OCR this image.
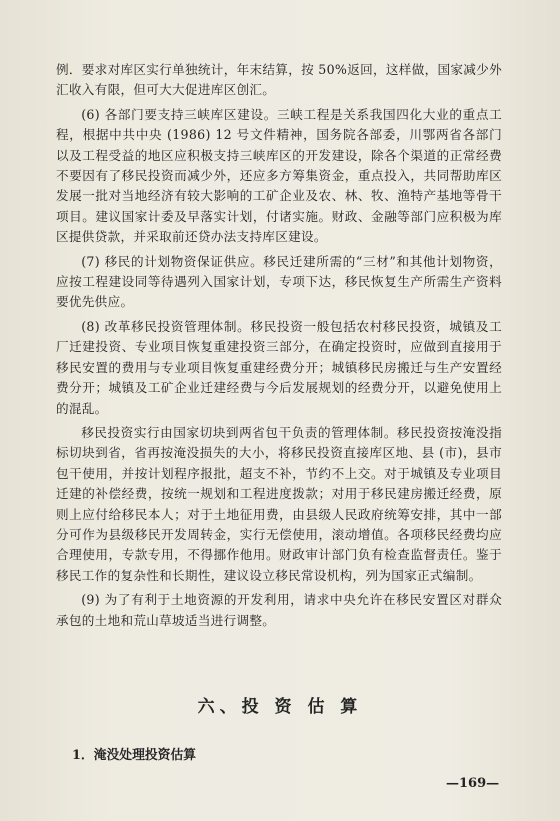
例．要求对库区实行单独统计，年末结算，按 50%返回，这样做，国家减少外汇收入有限，但可大大促进库区创汇。

(6) 各部门要支持三峡库区建设。三峡工程是关系我国四化大业的重点工程，根据中共中央 (1986) 12 号文件精神，国务院各部委，川鄂两省各部门以及工程受益的地区应积极支持三峡库区的开发建设，除各个渠道的正常经费不要因有了移民投资而减少外，还应多方筹集资金，重点投入，共同帮助库区发展一批对当地经济有较大影响的工矿企业及农、林、牧、渔特产基地等骨干项目。建议国家计委及早落实计划，付诸实施。财政、金融等部门应积极为库区提供贷款，并采取前还贷办法支持库区建设。

(7) 移民的计划物资保证供应。移民迁建所需的“三材”和其他计划物资，应按工程建设同等待遇列入国家计划，专项下达，移民恢复生产所需生产资料要优先供应。

(8) 改革移民投资管理体制。移民投资一般包括农村移民投资，城镇及工厂迁建投资、专业项目恢复重建投资三部分，在确定投资时，应做到直接用于移民安置的费用与专业项目恢复重建经费分开；城镇移民房搬迁与生产安置经费分开；城镇及工矿企业迁建经费与今后发展规划的经费分开，以避免使用上的混乱。

移民投资实行由国家切块到两省包干负责的管理体制。移民投资按淹没指标切块到省，省再按淹没损失的大小，将移民投资直接库区地、县 (市)，县市包干使用，并按计划程序报批，超支不补，节约不上交。对于城镇及专业项目迁建的补偿经费，按统一规划和工程进度拨款；对用于移民建房搬迁经费，原则上应付给移民本人；对于土地征用费，由县级人民政府统筹安排，其中一部分可作为县级移民开发周转金，实行无偿使用，滚动增值。各项移民经费均应合理使用，专款专用，不得挪作他用。财政审计部门负有检查监督责任。鉴于移民工作的复杂性和长期性，建议设立移民常设机构，列为国家正式编制。

(9) 为了有利于土地资源的开发利用，请求中央允许在移民安置区对群众承包的土地和荒山草坡适当进行调整。

六、投 资 估 算
1．淹没处理投资估算
—169—
